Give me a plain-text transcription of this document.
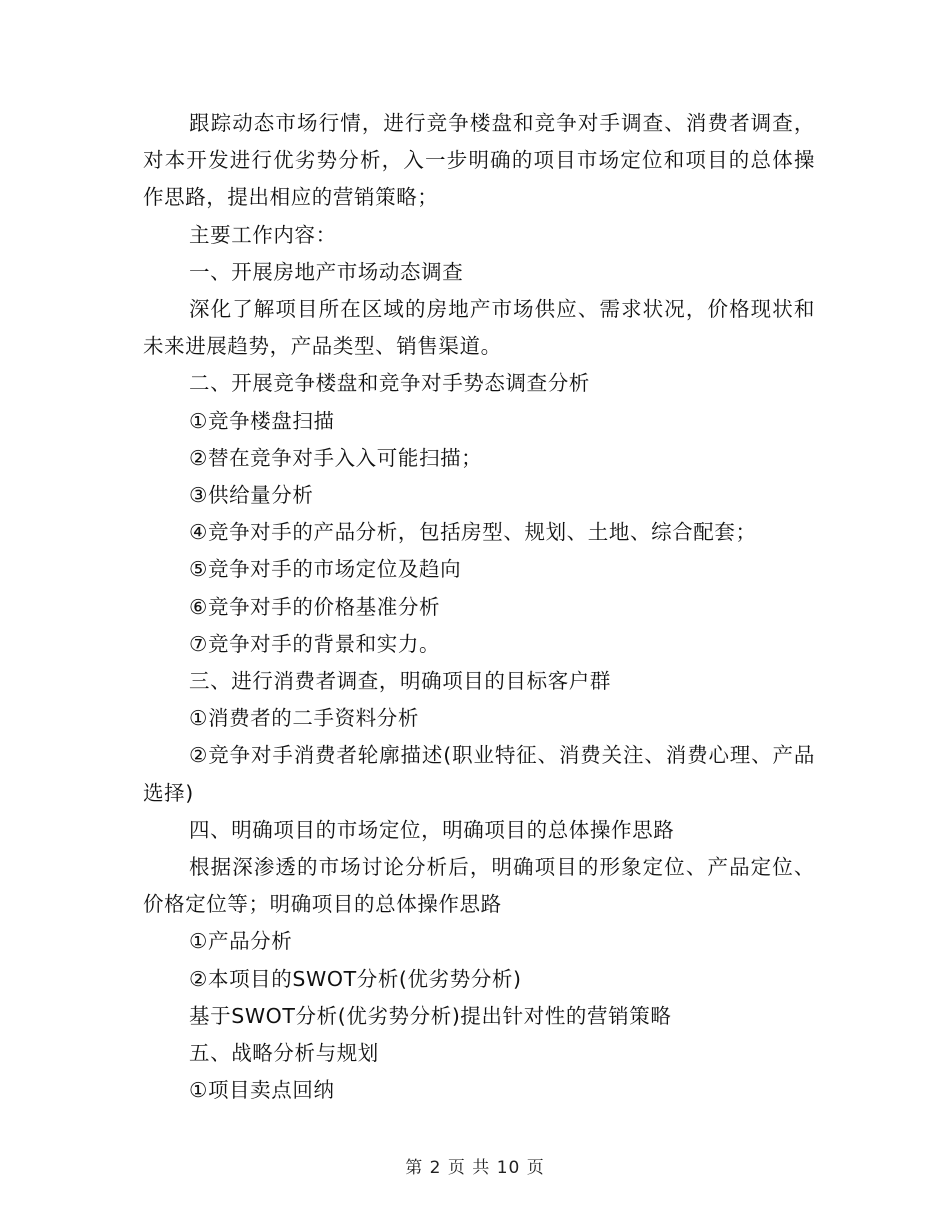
跟踪动态市场行情，进行竞争楼盘和竞争对手调查、消费者调查，对本开发进行优劣势分析，入一步明确的项目市场定位和项目的总体操作思路，提出相应的营销策略；

主要工作内容：

一、开展房地产市场动态调查

深化了解项目所在区域的房地产市场供应、需求状况，价格现状和未来进展趋势，产品类型、销售渠道。

二、开展竞争楼盘和竞争对手势态调查分析

①竞争楼盘扫描

②替在竞争对手入入可能扫描；

③供给量分析

④竞争对手的产品分析，包括房型、规划、土地、综合配套；

⑤竞争对手的市场定位及趋向

⑥竞争对手的价格基准分析

⑦竞争对手的背景和实力。

三、进行消费者调查，明确项目的目标客户群

①消费者的二手资料分析

②竞争对手消费者轮廓描述(职业特征、消费关注、消费心理、产品选择)

四、明确项目的市场定位，明确项目的总体操作思路

根据深渗透的市场讨论分析后，明确项目的形象定位、产品定位、价格定位等；明确项目的总体操作思路

①产品分析

②本项目的SWOT分析(优劣势分析)

基于SWOT分析(优劣势分析)提出针对性的营销策略

五、战略分析与规划

①项目卖点回纳

第 2 页 共 10 页
